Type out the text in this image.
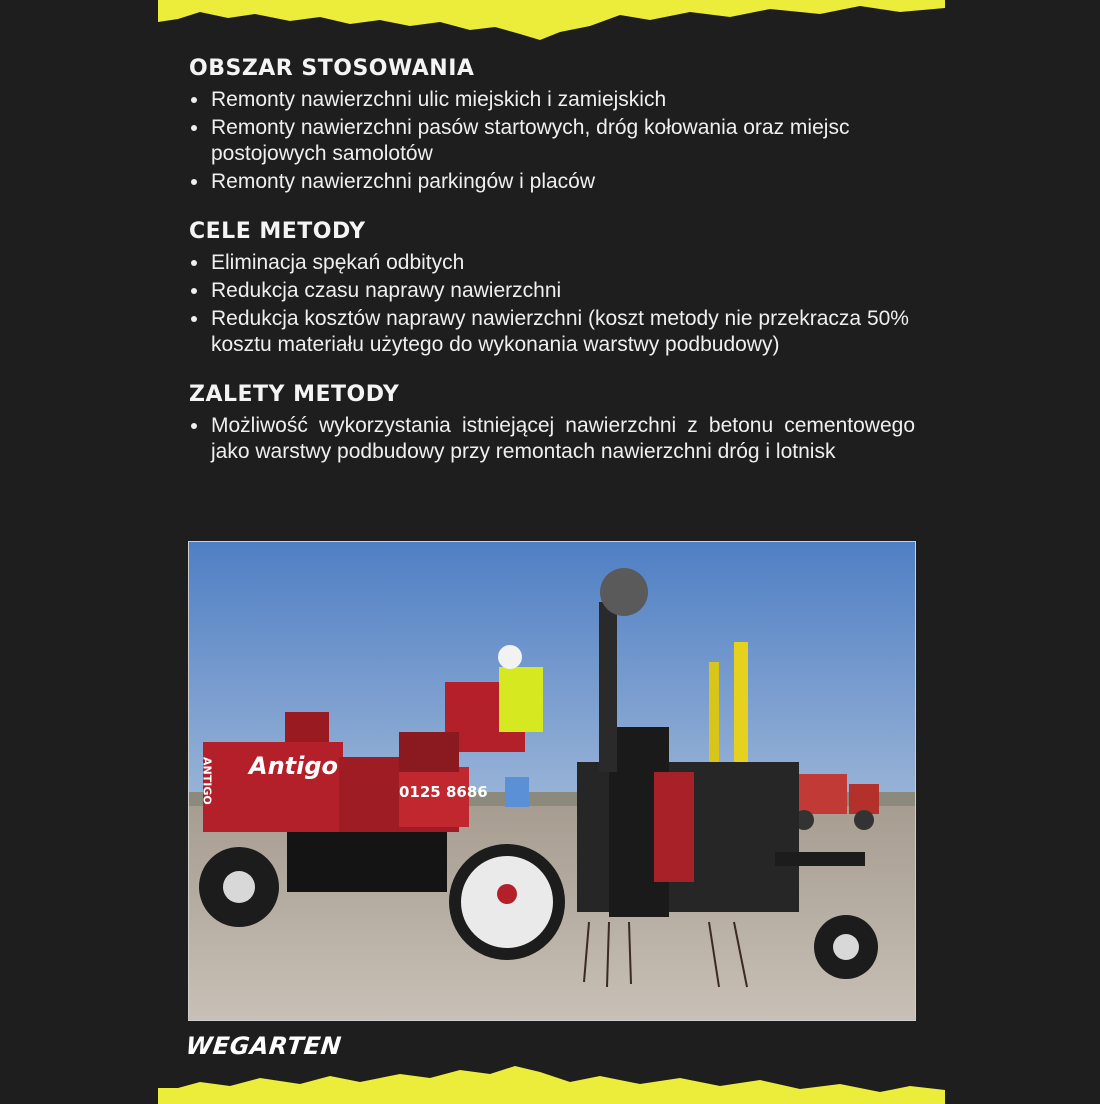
OBSZAR STOSOWANIA
Remonty nawierzchni ulic miejskich i zamiejskich
Remonty nawierzchni pasów startowych, dróg kołowania oraz miejsc postojowych samolotów
Remonty nawierzchni parkingów i placów
CELE METODY
Eliminacja spękań odbitych
Redukcja czasu naprawy nawierzchni
Redukcja kosztów naprawy nawierzchni (koszt metody nie przekracza 50% kosztu materiału użytego do wykonania warstwy podbudowy)
ZALETY METODY
Możliwość wykorzystania istniejącej nawierzchni z betonu cementowego jako warstwy podbudowy przy remontach nawierzchni dróg i lotnisk
Antigo
ANTIGO	0125 8686
WEGARTEN
